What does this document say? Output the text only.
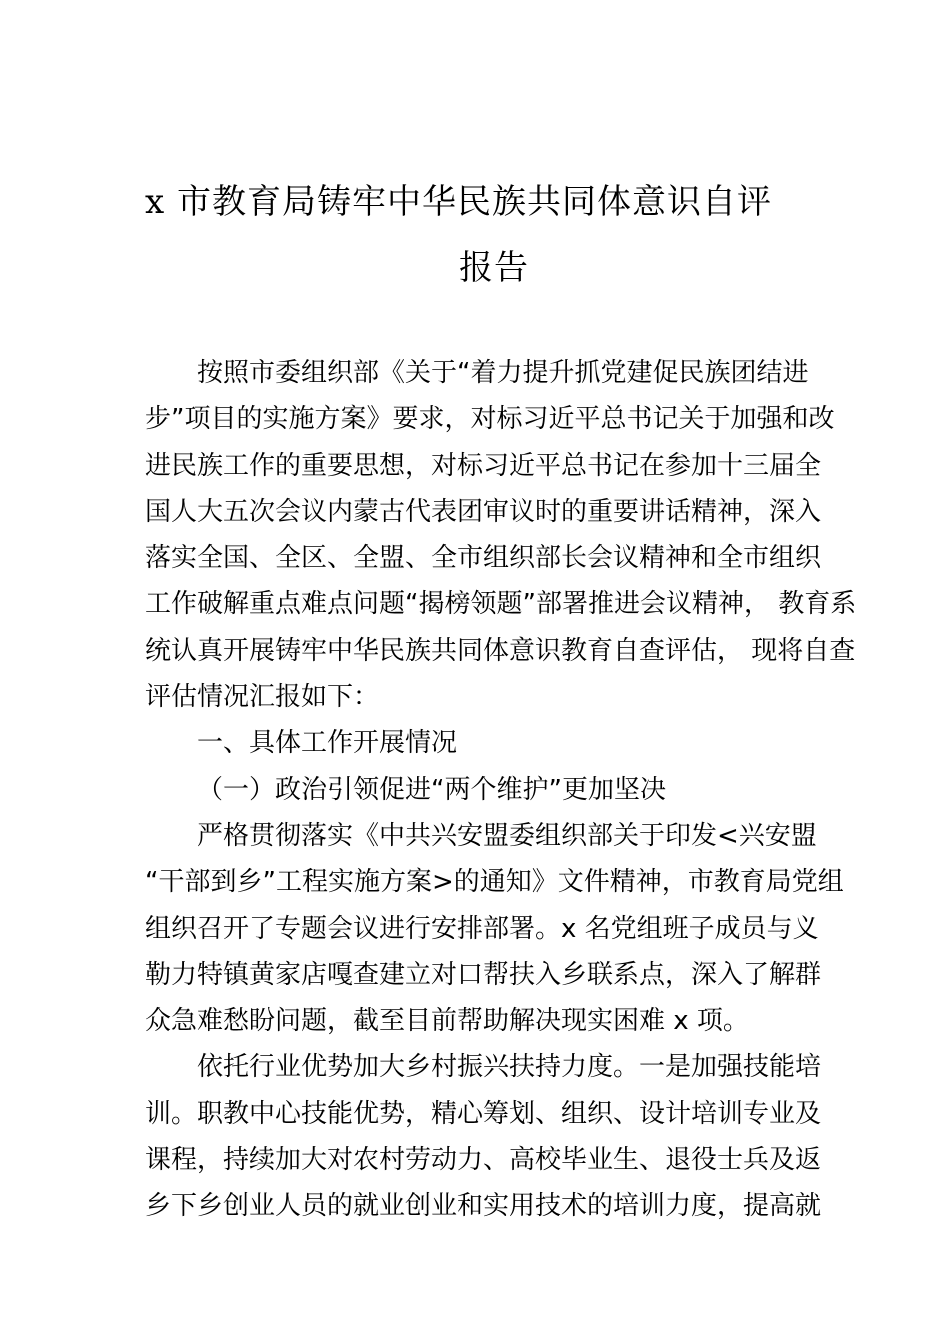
x 市教育局铸牢中华民族共同体意识自评
报告
按照市委组织部《关于“着力提升抓党建促民族团结进
步”项目的实施方案》要求，对标习近平总书记关于加强和改
进民族工作的重要思想，对标习近平总书记在参加十三届全
国人大五次会议内蒙古代表团审议时的重要讲话精神，深入
落实全国、全区、全盟、全市组织部长会议精神和全市组织
工作破解重点难点问题“揭榜领题”部署推进会议精神， 教育系
统认真开展铸牢中华民族共同体意识教育自查评估， 现将自查
评估情况汇报如下：
一、具体工作开展情况
（一）政治引领促进“两个维护”更加坚决
严格贯彻落实《中共兴安盟委组织部关于印发<兴安盟
“干部到乡”工程实施方案>的通知》文件精神，市教育局党组
组织召开了专题会议进行安排部署。x 名党组班子成员与义
勒力特镇黄家店嘎查建立对口帮扶入乡联系点，深入了解群
众急难愁盼问题，截至目前帮助解决现实困难 x 项。
依托行业优势加大乡村振兴扶持力度。一是加强技能培
训。职教中心技能优势，精心筹划、组织、设计培训专业及
课程，持续加大对农村劳动力、高校毕业生、退役士兵及返
乡下乡创业人员的就业创业和实用技术的培训力度，提高就
